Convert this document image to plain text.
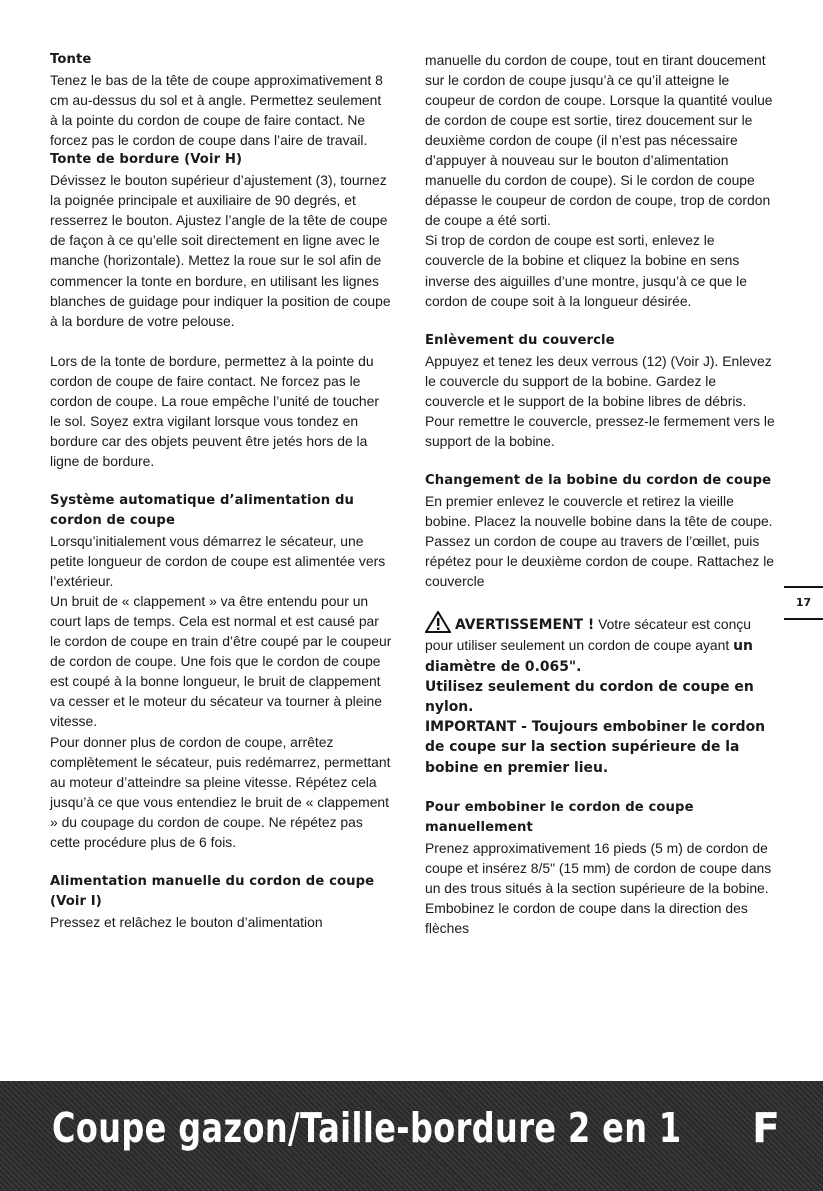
Tonte

Tenez le bas de la tête de coupe approximativement 8 cm au-dessus du sol et à angle. Permettez seulement à la pointe du cordon de coupe de faire contact. Ne forcez pas le cordon de coupe dans l’aire de travail.

Tonte de bordure (Voir H)

Dévissez le bouton supérieur d’ajustement (3), tournez la poignée principale et auxiliaire de 90 degrés, et resserrez le bouton. Ajustez l’angle de la tête de coupe de façon à ce qu’elle soit directement en ligne avec le manche (horizontale). Mettez la roue sur le sol afin de commencer la tonte en bordure, en utilisant les lignes blanches de guidage pour indiquer la position de coupe à la bordure de votre pelouse.

Lors de la tonte de bordure, permettez à la pointe du cordon de coupe de faire contact. Ne forcez pas le cordon de coupe. La roue empêche l’unité de toucher le sol. Soyez extra vigilant lorsque vous tondez en bordure car des objets peuvent être jetés hors de la ligne de bordure.

Système automatique d’alimentation du cordon de coupe

Lorsqu’initialement vous démarrez le sécateur, une petite longueur de cordon de coupe est alimentée vers l’extérieur.

Un bruit de « clappement » va être entendu pour un court laps de temps. Cela est normal et est causé par le cordon de coupe en train d’être coupé par le coupeur de cordon de coupe. Une fois que le cordon de coupe est coupé à la bonne longueur, le bruit de clappement va cesser et le moteur du sécateur va tourner à pleine vitesse.

Pour donner plus de cordon de coupe, arrêtez complètement le sécateur, puis redémarrez, permettant au moteur d’atteindre sa pleine vitesse. Répétez cela jusqu’à ce que vous entendiez le bruit de « clappement » du coupage du cordon de coupe. Ne répétez pas cette procédure plus de 6 fois.

Alimentation manuelle du cordon de coupe (Voir I)

Pressez et relâchez le bouton d’alimentation

manuelle du cordon de coupe, tout en tirant doucement sur le cordon de coupe jusqu’à ce qu’il atteigne le coupeur de cordon de coupe. Lorsque la quantité voulue de cordon de coupe est sortie, tirez doucement sur le deuxième cordon de coupe (il n’est pas nécessaire d’appuyer à nouveau sur le bouton d’alimentation manuelle du cordon de coupe). Si le cordon de coupe dépasse le coupeur de cordon de coupe, trop de cordon de coupe a été sorti.

Si trop de cordon de coupe est sorti, enlevez le couvercle de la bobine et cliquez la bobine en sens inverse des aiguilles d’une montre, jusqu’à ce que le cordon de coupe soit à la longueur désirée.

Enlèvement du couvercle

Appuyez et tenez les deux verrous (12) (Voir J). Enlevez le couvercle du support de la bobine. Gardez le couvercle et le support de la bobine libres de débris. Pour remettre le couvercle, pressez-le fermement vers le support de la bobine.

Changement de la bobine du cordon de coupe

En premier enlevez le couvercle et retirez la vieille bobine. Placez la nouvelle bobine dans la tête de coupe. Passez un cordon de coupe au travers de l’œillet, puis répétez pour le deuxième cordon de coupe. Rattachez le couvercle

AVERTISSEMENT ! Votre sécateur est conçu pour utiliser seulement un cordon de coupe ayant un diamètre de 0.065".

Utilisez seulement du cordon de coupe en nylon.

IMPORTANT - Toujours embobiner le cordon de coupe sur la section supérieure de la bobine en premier lieu.

Pour embobiner le cordon de coupe manuellement

Prenez approximativement 16 pieds (5 m) de cordon de coupe et insérez 8/5" (15 mm) de cordon de coupe dans un des trous situés à la section supérieure de la bobine. Embobinez le cordon de coupe dans la direction des flèches

17
Coupe gazon/Taille-bordure 2 en 1 F
